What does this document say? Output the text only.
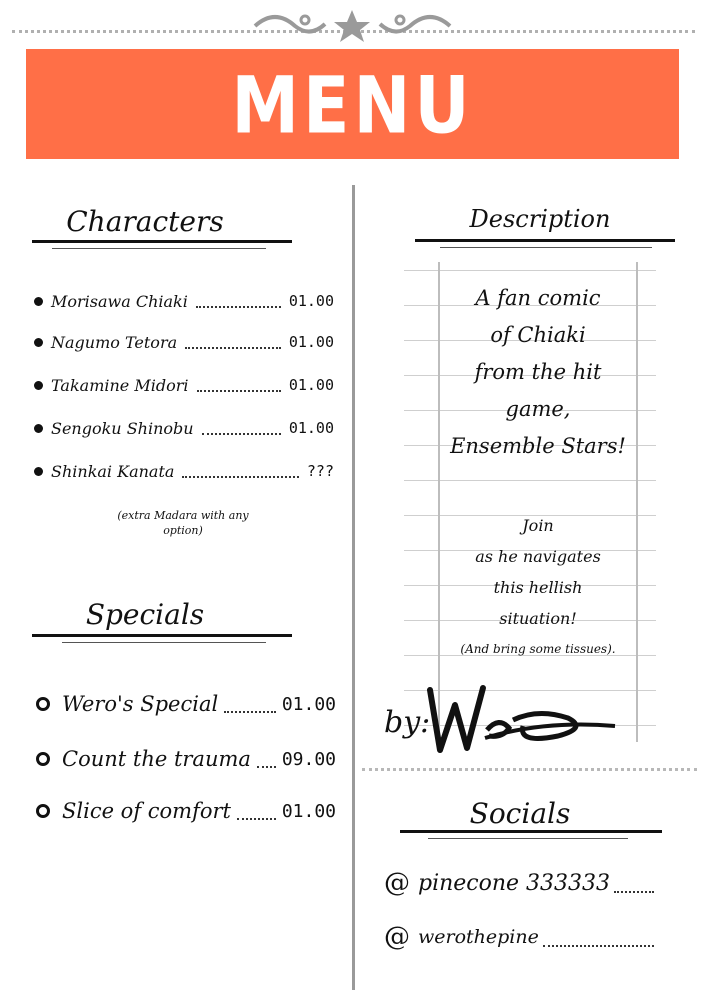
MENU
Characters
Morisawa Chiaki	01.00
Nagumo Tetora	01.00
Takamine Midori	01.00
Sengoku Shinobu	01.00
Shinkai Kanata	???
(extra Madara with any option)
Specials
Wero's Special	01.00
Count the trauma 09.00
Slice of comfort	01.00
Description
A fan comic
of Chiaki
from the hit
game,
Ensemble Stars!
Join
as he navigates
this hellish
situation!
(And bring some tissues).
by:
Socials
@ pinecone 333333
@ werothepine
